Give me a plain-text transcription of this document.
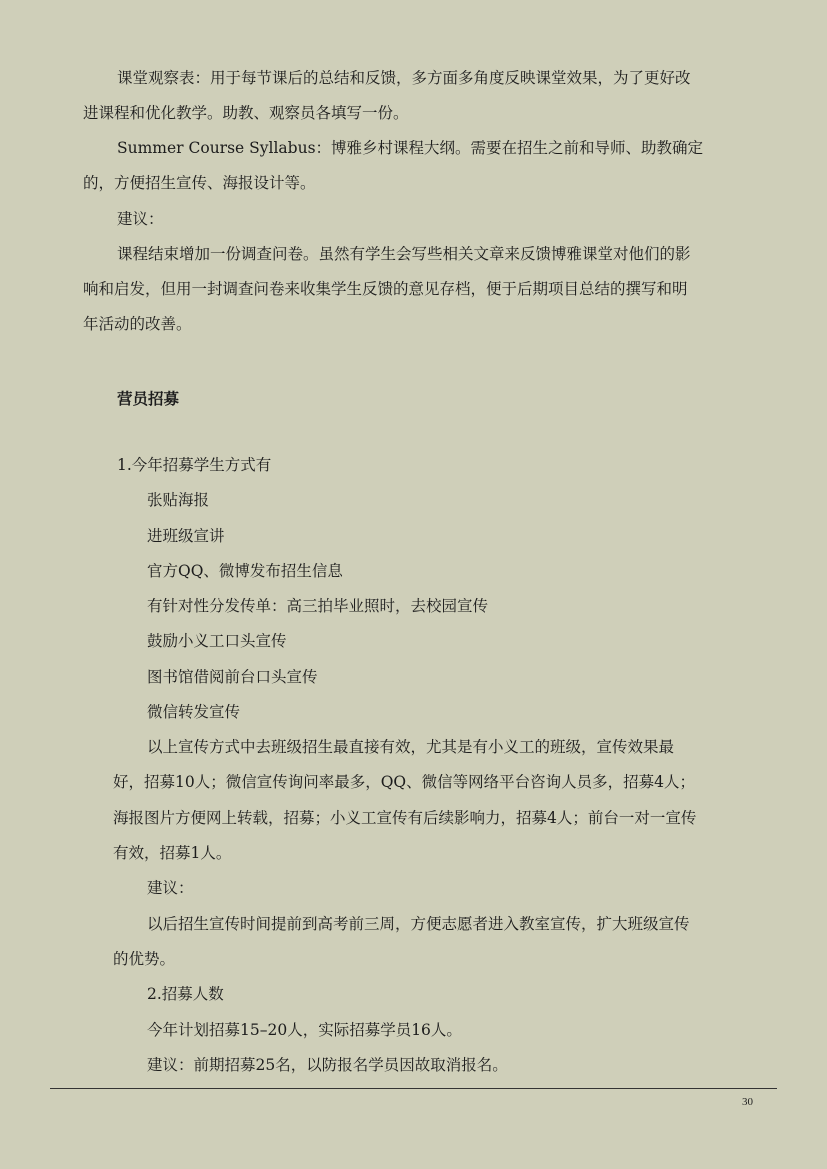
课堂观察表：用于每节课后的总结和反馈，多方面多角度反映课堂效果，为了更好改

进课程和优化教学。助教、观察员各填写一份。

Summer Course Syllabus：博雅乡村课程大纲。需要在招生之前和导师、助教确定

的，方便招生宣传、海报设计等。

建议：

课程结束增加一份调查问卷。虽然有学生会写些相关文章来反馈博雅课堂对他们的影

响和启发，但用一封调查问卷来收集学生反馈的意见存档，便于后期项目总结的撰写和明

年活动的改善。

营员招募

1.今年招募学生方式有

张贴海报

进班级宣讲

官方QQ、微博发布招生信息

有针对性分发传单：高三拍毕业照时，去校园宣传

鼓励小义工口头宣传

图书馆借阅前台口头宣传

微信转发宣传

以上宣传方式中去班级招生最直接有效，尤其是有小义工的班级，宣传效果最

好，招募10人；微信宣传询问率最多，QQ、微信等网络平台咨询人员多，招募4人；

海报图片方便网上转载，招募；小义工宣传有后续影响力，招募4人；前台一对一宣传

有效，招募1人。

建议：

以后招生宣传时间提前到高考前三周，方便志愿者进入教室宣传，扩大班级宣传

的优势。

2.招募人数

今年计划招募15–20人，实际招募学员16人。

建议：前期招募25名，以防报名学员因故取消报名。

30
